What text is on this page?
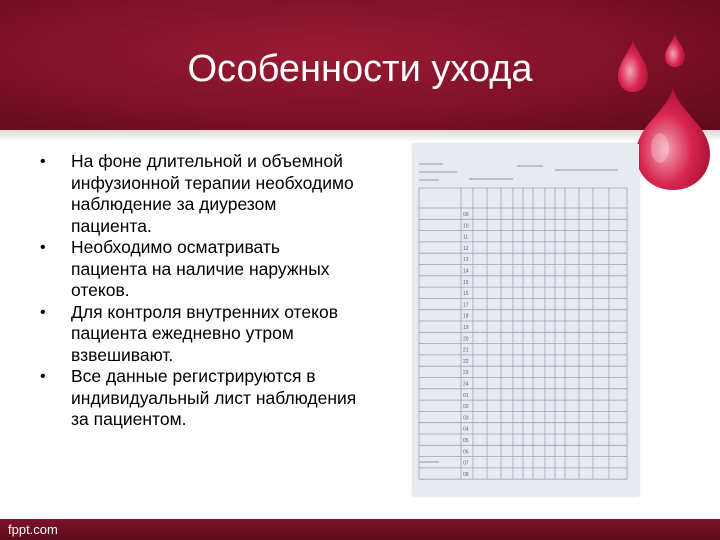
Особенности ухода
• На фоне длительной и объемной инфузионной терапии необходимо наблюдение за диурезом пациента.
• Необходимо осматривать пациента на наличие наружных отеков.
• Для контроля внутренних отеков пациента ежедневно утром взвешивают.
• Все данные регистрируются в индивидуальный лист наблюдения за пациентом.
09
10
11
12
13
14
15
16
17
18
19
20
21
22
23
24
01
02
03
04
05
06
07
08
fppt.com
